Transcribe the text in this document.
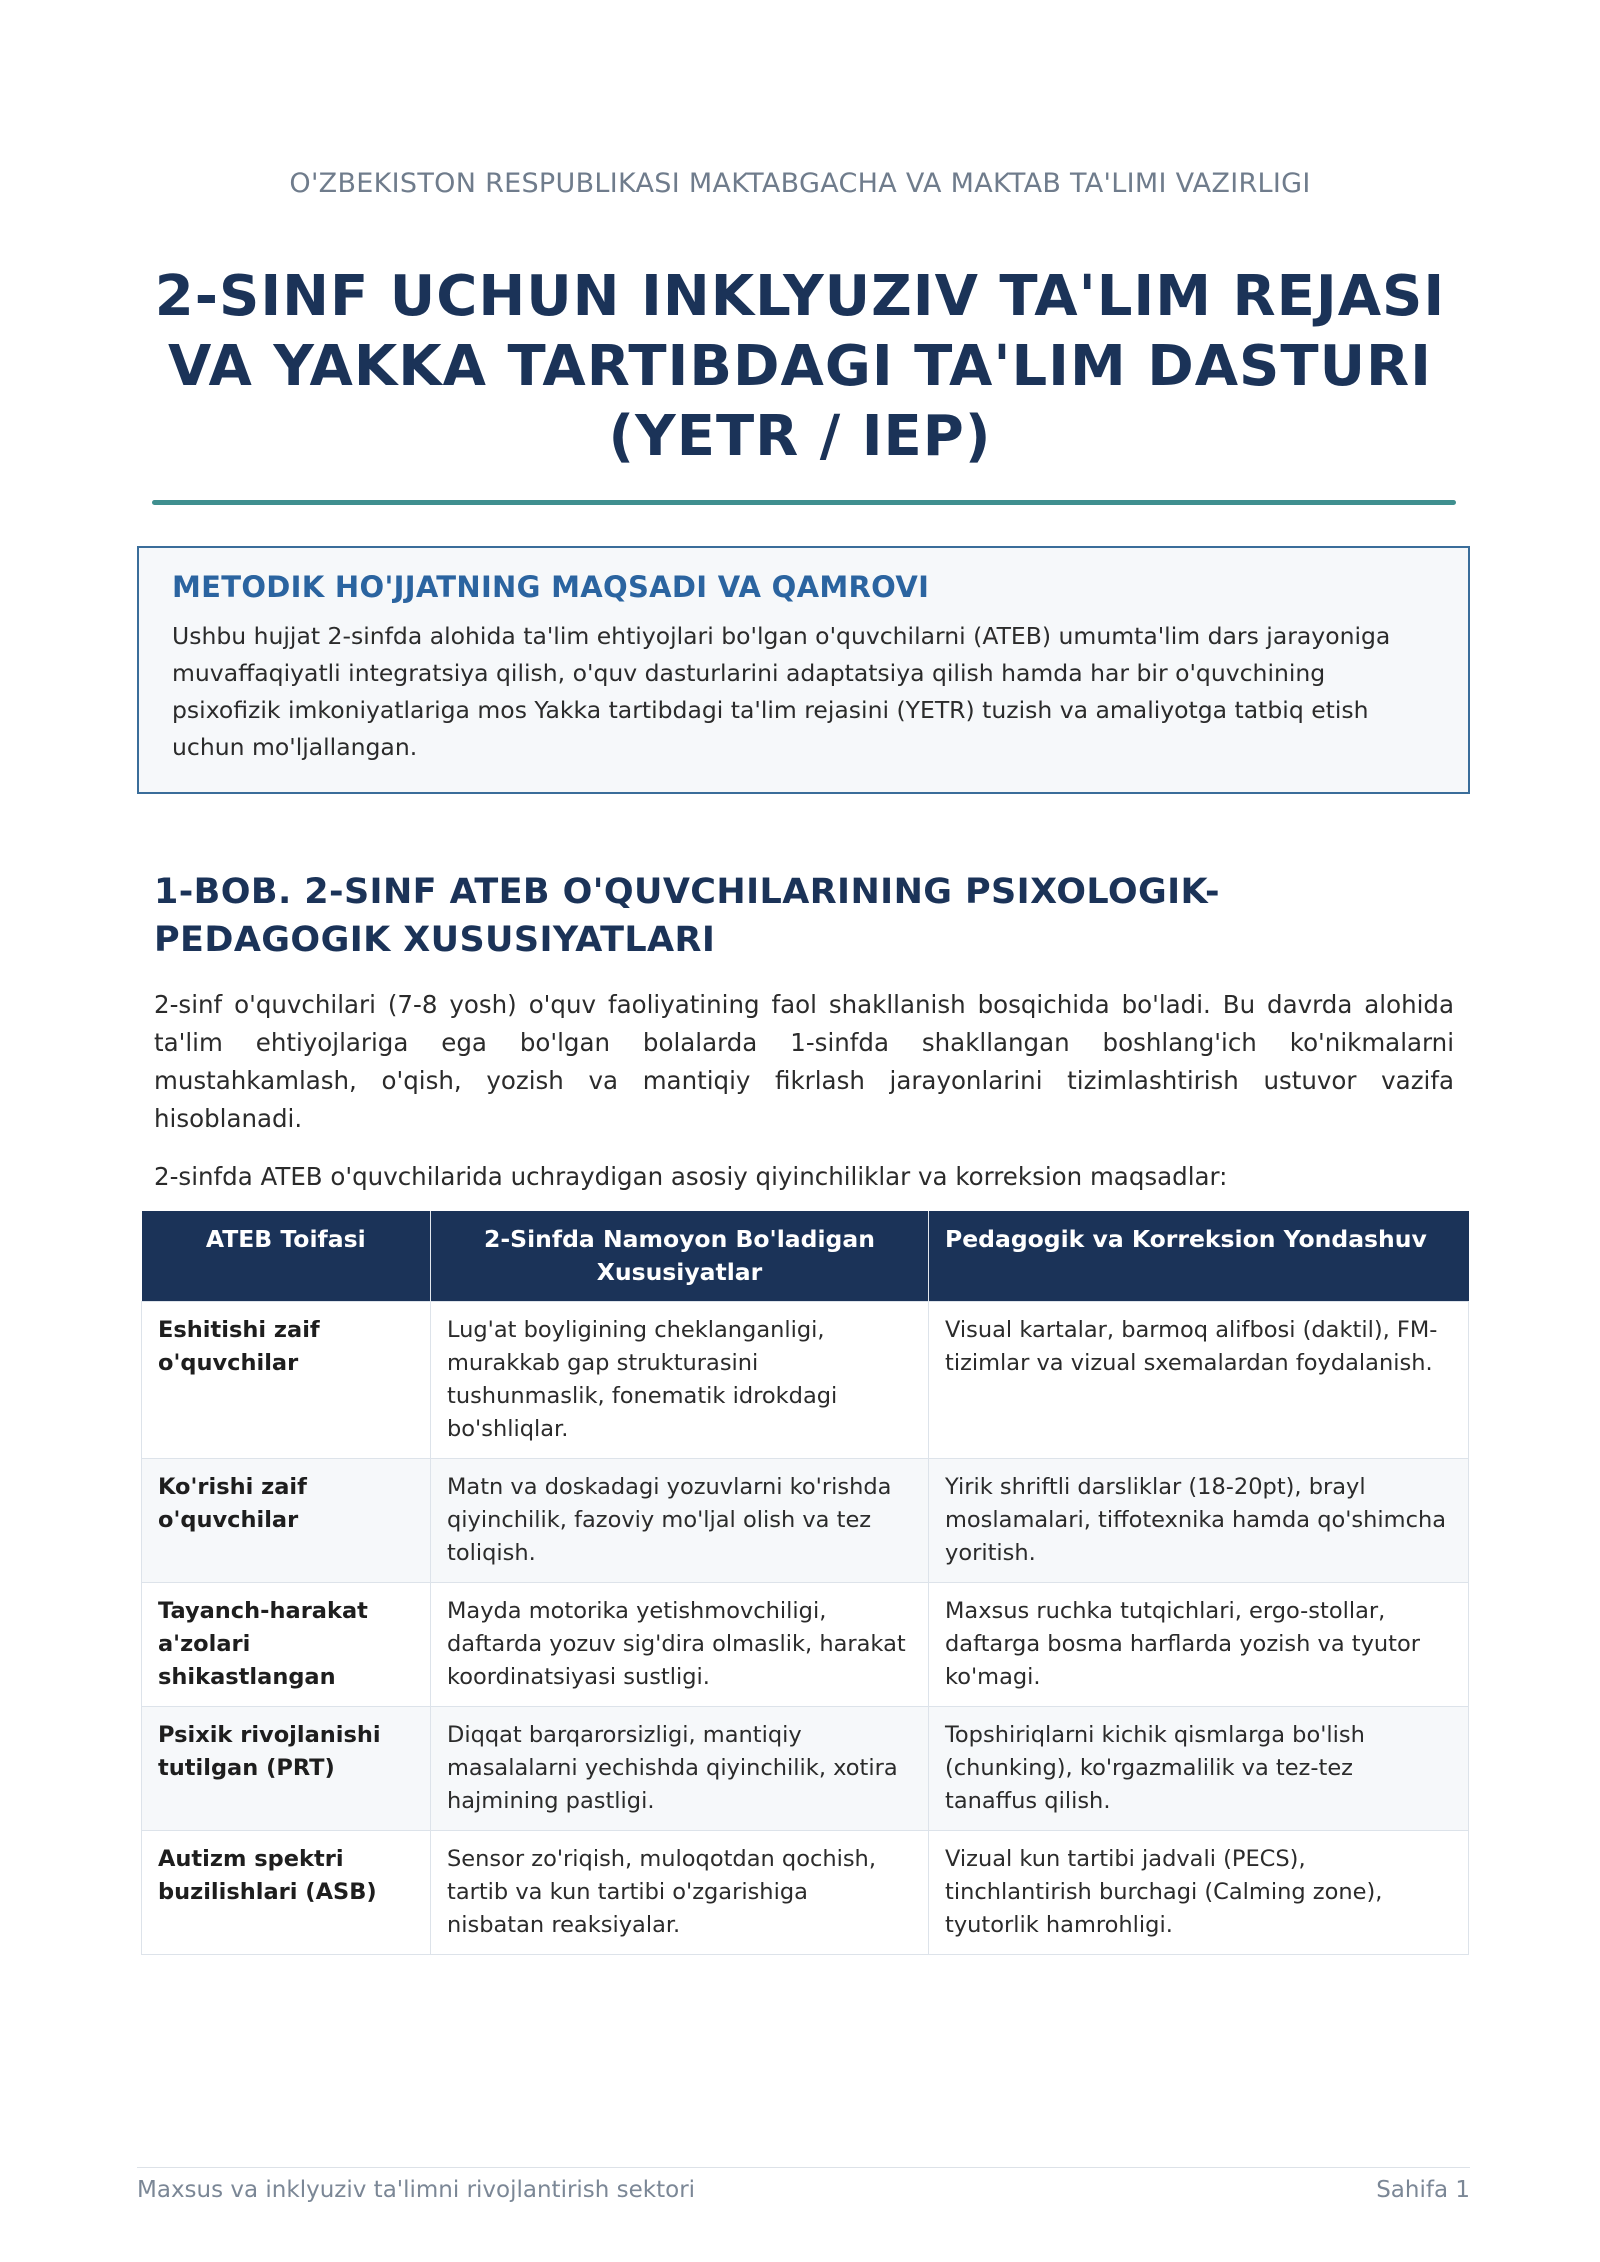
O'ZBEKISTON RESPUBLIKASI MAKTABGACHA VA MAKTAB TA'LIMI VAZIRLIGI
2-SINF UCHUN INKLYUZIV TA'LIM REJASI
VA YAKKA TARTIBDAGI TA'LIM DASTURI
(YETR / IEP)
METODIK HO'JJATNING MAQSADI VA QAMROVI
Ushbu hujjat 2-sinfda alohida ta'lim ehtiyojlari bo'lgan o'quvchilarni (ATEB) umumta'lim dars jarayoniga muvaffaqiyatli integratsiya qilish, o'quv dasturlarini adaptatsiya qilish hamda har bir o'quvchining psixofizik imkoniyatlariga mos Yakka tartibdagi ta'lim rejasini (YETR) tuzish va amaliyotga tatbiq etish uchun mo'ljallangan.
1-BOB. 2-SINF ATEB O'QUVCHILARINING PSIXOLOGIK-PEDAGOGIK XUSUSIYATLARI
2-sinf o'quvchilari (7-8 yosh) o'quv faoliyatining faol shakllanish bosqichida bo'ladi. Bu davrda alohida ta'lim ehtiyojlariga ega bo'lgan bolalarda 1-sinfda shakllangan boshlang'ich ko'nikmalarni mustahkamlash, o'qish, yozish va mantiqiy fikrlash jarayonlarini tizimlashtirish ustuvor vazifa hisoblanadi.
2-sinfda ATEB o'quvchilarida uchraydigan asosiy qiyinchiliklar va korreksion maqsadlar:
ATEB Toifasi	2-Sinfda Namoyon Bo'ladigan Xususiyatlar	Pedagogik va Korreksion Yondashuv
Eshitishi zaif o'quvchilar	Lug'at boyligining cheklanganligi, murakkab gap strukturasini tushunmaslik, fonematik idrokdagi bo'shliqlar.	Visual kartalar, barmoq alifbosi (daktil), FM-tizimlar va vizual sxemalardan foydalanish.
Ko'rishi zaif o'quvchilar	Matn va doskadagi yozuvlarni ko'rishda qiyinchilik, fazoviy mo'ljal olish va tez toliqish.	Yirik shriftli darsliklar (18-20pt), brayl moslamalari, tiffotexnika hamda qo'shimcha yoritish.
Tayanch-harakat a'zolari shikastlangan	Mayda motorika yetishmovchiligi, daftarda yozuv sig'dira olmaslik, harakat koordinatsiyasi sustligi.	Maxsus ruchka tutqichlari, ergo-stollar, daftarga bosma harflarda yozish va tyutor ko'magi.
Psixik rivojlanishi tutilgan (PRT)	Diqqat barqarorsizligi, mantiqiy masalalarni yechishda qiyinchilik, xotira hajmining pastligi.	Topshiriqlarni kichik qismlarga bo'lish (chunking), ko'rgazmalilik va tez-tez tanaffus qilish.
Autizm spektri buzilishlari (ASB)	Sensor zo'riqish, muloqotdan qochish, tartib va kun tartibi o'zgarishiga nisbatan reaksiyalar.	Vizual kun tartibi jadvali (PECS), tinchlantirish burchagi (Calming zone), tyutorlik hamrohligi.
Maxsus va inklyuziv ta'limni rivojlantirish sektori	Sahifa 1
